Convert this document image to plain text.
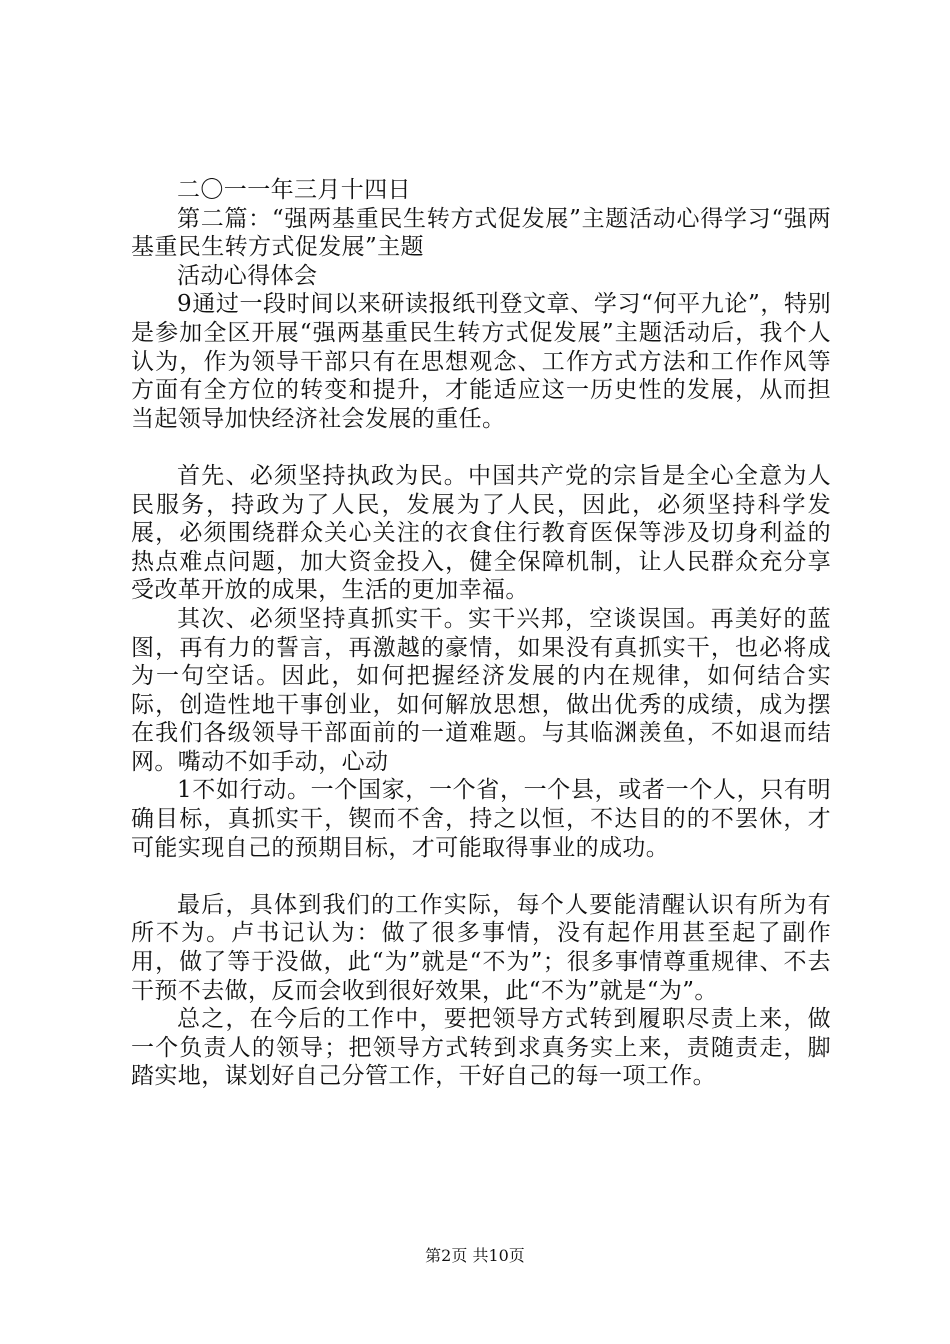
二〇一一年三月十四日

第二篇：“强两基重民生转方式促发展”主题活动心得学习“强两基重民生转方式促发展”主题

活动心得体会

9通过一段时间以来研读报纸刊登文章、学习“何平九论”，特别是参加全区开展“强两基重民生转方式促发展”主题活动后，我个人认为，作为领导干部只有在思想观念、工作方式方法和工作作风等方面有全方位的转变和提升，才能适应这一历史性的发展，从而担当起领导加快经济社会发展的重任。

首先、必须坚持执政为民。中国共产党的宗旨是全心全意为人民服务，持政为了人民，发展为了人民，因此，必须坚持科学发展，必须围绕群众关心关注的衣食住行教育医保等涉及切身利益的热点难点问题，加大资金投入，健全保障机制，让人民群众充分享受改革开放的成果，生活的更加幸福。

其次、必须坚持真抓实干。实干兴邦，空谈误国。再美好的蓝图，再有力的誓言，再激越的豪情，如果没有真抓实干，也必将成为一句空话。因此，如何把握经济发展的内在规律，如何结合实际，创造性地干事创业，如何解放思想，做出优秀的成绩，成为摆在我们各级领导干部面前的一道难题。与其临渊羡鱼，不如退而结网。嘴动不如手动，心动

1不如行动。一个国家，一个省，一个县，或者一个人，只有明确目标，真抓实干，锲而不舍，持之以恒，不达目的的不罢休，才可能实现自己的预期目标，才可能取得事业的成功。

最后，具体到我们的工作实际，每个人要能清醒认识有所为有所不为。卢书记认为：做了很多事情，没有起作用甚至起了副作用，做了等于没做，此“为”就是“不为”；很多事情尊重规律、不去干预不去做，反而会收到很好效果，此“不为”就是“为”。

总之，在今后的工作中，要把领导方式转到履职尽责上来，做一个负责人的领导；把领导方式转到求真务实上来，责随责走，脚踏实地，谋划好自己分管工作，干好自己的每一项工作。

第2页 共10页
